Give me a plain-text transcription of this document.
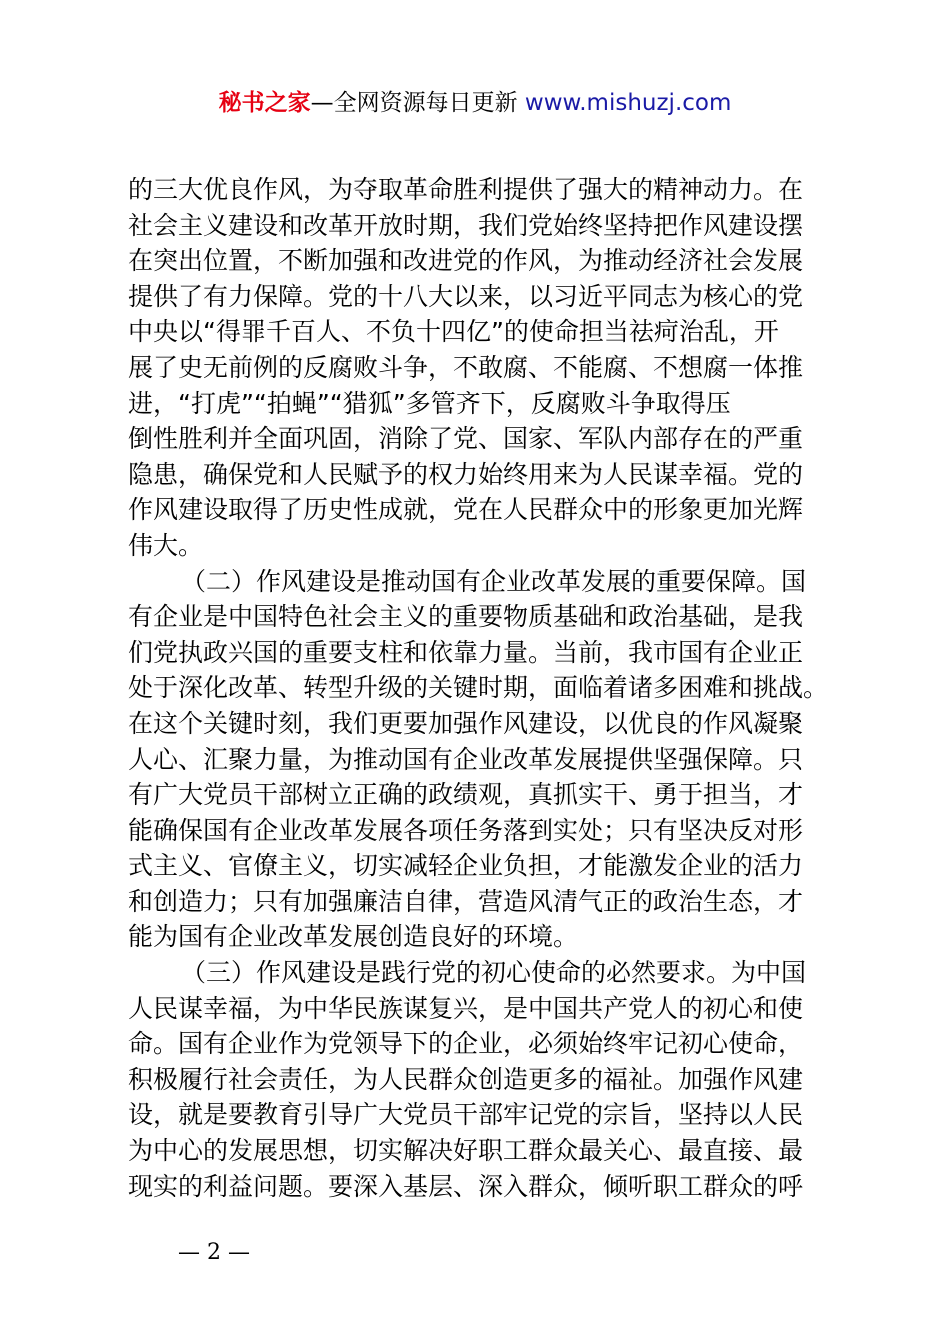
秘书之家—全网资源每日更新 www.mishuzj.com
的三大优良作风，为夺取革命胜利提供了强大的精神动力。在
社会主义建设和改革开放时期，我们党始终坚持把作风建设摆
在突出位置，不断加强和改进党的作风，为推动经济社会发展
提供了有力保障。党的十八大以来，以习近平同志为核心的党
中央以“得罪千百人、不负十四亿”的使命担当祛疴治乱，开
展了史无前例的反腐败斗争，不敢腐、不能腐、不想腐一体推
进，“打虎”“拍蝇”“猎狐”多管齐下，反腐败斗争取得压
倒性胜利并全面巩固，消除了党、国家、军队内部存在的严重
隐患，确保党和人民赋予的权力始终用来为人民谋幸福。党的
作风建设取得了历史性成就，党在人民群众中的形象更加光辉
伟大。
（二）作风建设是推动国有企业改革发展的重要保障。国
有企业是中国特色社会主义的重要物质基础和政治基础，是我
们党执政兴国的重要支柱和依靠力量。当前，我市国有企业正
处于深化改革、转型升级的关键时期，面临着诸多困难和挑战。
在这个关键时刻，我们更要加强作风建设，以优良的作风凝聚
人心、汇聚力量，为推动国有企业改革发展提供坚强保障。只
有广大党员干部树立正确的政绩观，真抓实干、勇于担当，才
能确保国有企业改革发展各项任务落到实处；只有坚决反对形
式主义、官僚主义，切实减轻企业负担，才能激发企业的活力
和创造力；只有加强廉洁自律，营造风清气正的政治生态，才
能为国有企业改革发展创造良好的环境。
（三）作风建设是践行党的初心使命的必然要求。为中国
人民谋幸福，为中华民族谋复兴，是中国共产党人的初心和使
命。国有企业作为党领导下的企业，必须始终牢记初心使命，
积极履行社会责任，为人民群众创造更多的福祉。加强作风建
设，就是要教育引导广大党员干部牢记党的宗旨，坚持以人民
为中心的发展思想，切实解决好职工群众最关心、最直接、最
现实的利益问题。要深入基层、深入群众，倾听职工群众的呼
— 2 —
